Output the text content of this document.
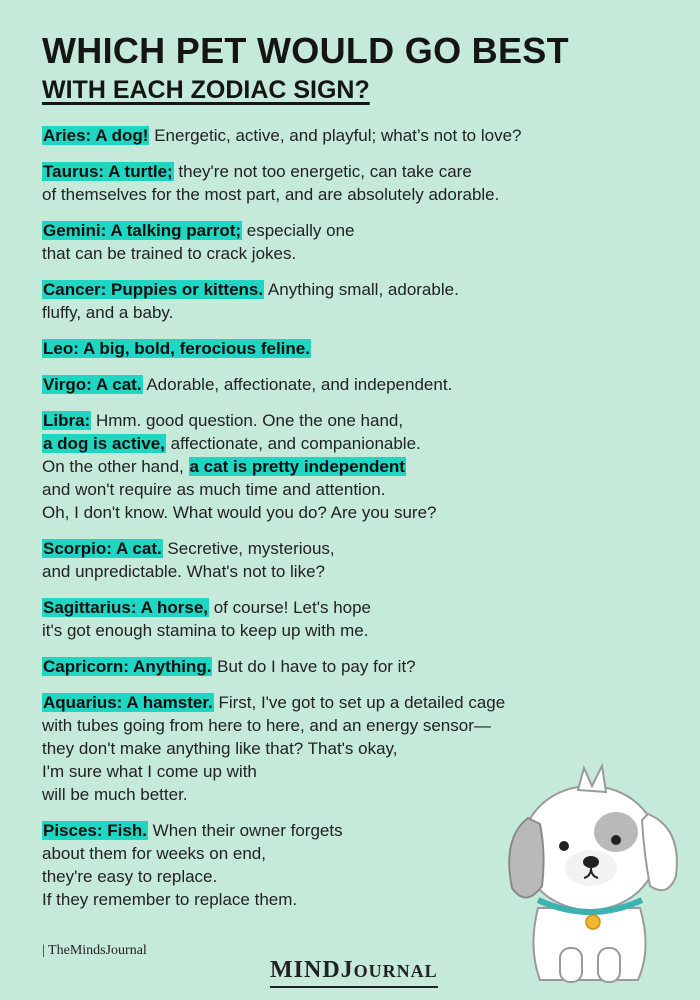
WHICH PET WOULD GO BEST
WITH EACH ZODIAC SIGN?
Aries: A dog! Energetic, active, and playful; what’s not to love?
Taurus: A turtle; they're not too energetic, can take care
of themselves for the most part, and are absolutely adorable.
Gemini: A talking parrot; especially one
that can be trained to crack jokes.
Cancer: Puppies or kittens. Anything small, adorable.
fluffy, and a baby.
Leo: A big, bold, ferocious feline.
Virgo: A cat. Adorable, affectionate, and independent.
Libra: Hmm. good question. One the one hand,
a dog is active, affectionate, and companionable.
On the other hand, a cat is pretty independent
and won't require as much time and attention.
Oh, I don't know. What would you do? Are you sure?
Scorpio: A cat. Secretive, mysterious,
and unpredictable. What's not to like?
Sagittarius: A horse, of course! Let's hope
it's got enough stamina to keep up with me.
Capricorn: Anything. But do I have to pay for it?
Aquarius: A hamster. First, I've got to set up a detailed cage
with tubes going from here to here, and an energy sensor—
they don't make anything like that? That's okay,
I'm sure what I come up with
will be much better.
Pisces: Fish. When their owner forgets
about them for weeks on end,
they're easy to replace.
If they remember to replace them.
| TheMindsJournal
MINDJOURNAL
